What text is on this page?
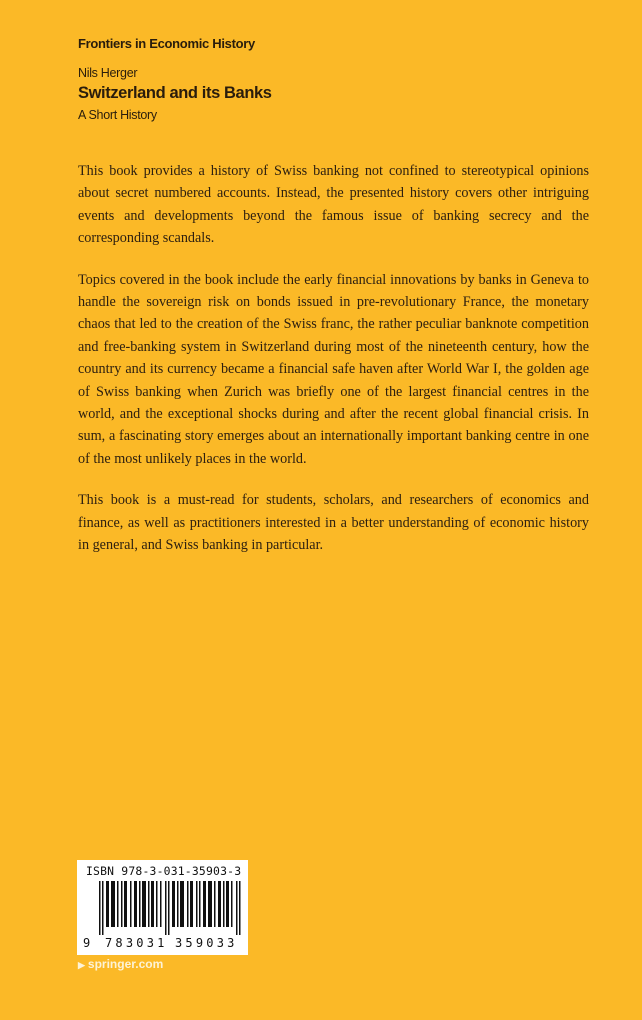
Frontiers in Economic History
Nils Herger
Switzerland and its Banks
A Short History

This book provides a history of Swiss banking not confined to stereotypical opinions about secret numbered accounts. Instead, the presented history covers other intriguing events and developments beyond the famous issue of banking secrecy and the corresponding scandals.

Topics covered in the book include the early financial innovations by banks in Geneva to handle the sovereign risk on bonds issued in pre-revolutionary France, the monetary chaos that led to the creation of the Swiss franc, the rather peculiar banknote competition and free-banking system in Switzerland during most of the nineteenth century, how the country and its currency became a financial safe haven after World War I, the golden age of Swiss banking when Zurich was briefly one of the largest financial centres in the world, and the exceptional shocks during and after the recent global financial crisis. In sum, a fascinating story emerges about an internationally important banking centre in one of the most unlikely places in the world.

This book is a must-read for students, scholars, and researchers of economics and finance, as well as practitioners interested in a better understanding of economic history in general, and Swiss banking in particular.

ISBN 978-3-031-35903-3
9 783031 359033
▶ springer.com
